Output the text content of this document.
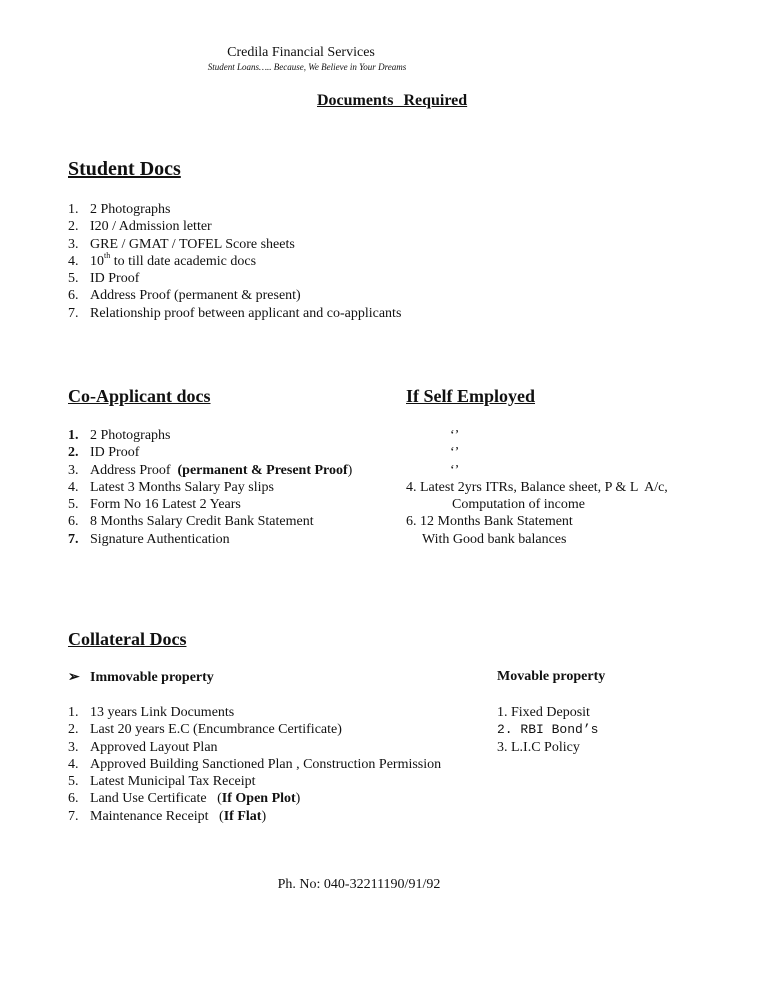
Credila Financial Services
Student Loans….. Because, We Believe in Your Dreams
Documents Required
Student Docs
1. 2 Photographs
2. I20 / Admission letter
3. GRE / GMAT / TOFEL Score sheets
4. 10th to till date academic docs
5. ID Proof
6. Address Proof (permanent & present)
7. Relationship proof between applicant and co-applicants
Co-Applicant docs
1. 2 Photographs
2. ID Proof
3. Address Proof  (permanent & Present Proof)
4. Latest 3 Months Salary Pay slips
5. Form No 16 Latest 2 Years
6. 8 Months Salary Credit Bank Statement
7. Signature Authentication
If Self Employed
‘’
‘’
‘’
4. Latest 2yrs ITRs, Balance sheet, P & L  A/c,
Computation of income
6. 12 Months Bank Statement
With Good bank balances
Collateral Docs
➢ Immovable property	Movable property
1. 13 years Link Documents
2. Last 20 years E.C (Encumbrance Certificate)
3. Approved Layout Plan
4. Approved Building Sanctioned Plan , Construction Permission
5. Latest Municipal Tax Receipt
6. Land Use Certificate   (If Open Plot)
7. Maintenance Receipt   (If Flat)
1. Fixed Deposit
2. RBI Bond’s
3. L.I.C Policy
Ph. No: 040-32211190/91/92
